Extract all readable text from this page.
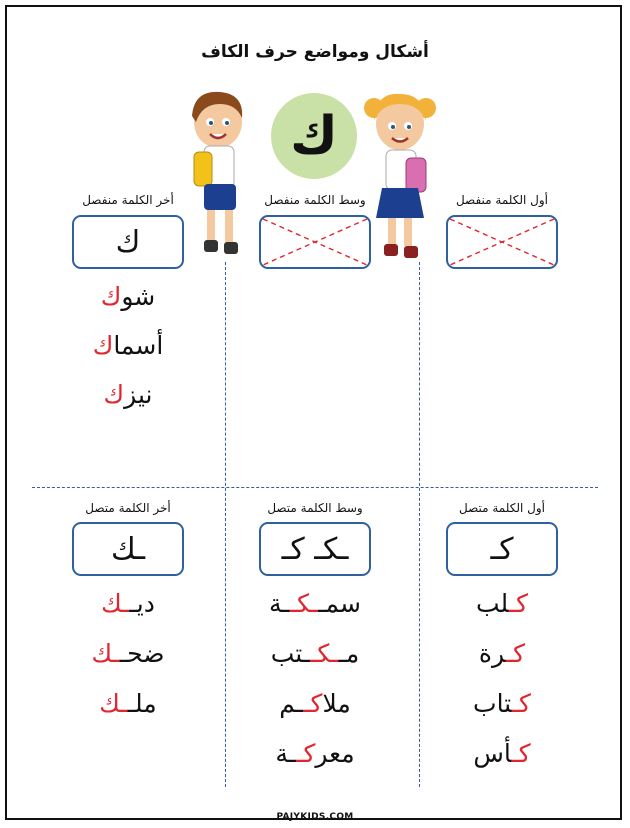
أشكال ومواضع حرف الكاف
ك
أول الكلمة منفصل
وسط الكلمة منفصل
أخر الكلمة منفصل
ك
شوك
أسماك
نيزك
أول الكلمة متصل
وسط الكلمة متصل
أخر الكلمة متصل
كـ
ـكـ كـ
ـك
كـلب
كـرة
كـتاب
كـأس
سمــكــة
مــكــتب
ملاكــم
معركــة
ديــك
ضحــك
ملــك
PAJYKIDS.COM
